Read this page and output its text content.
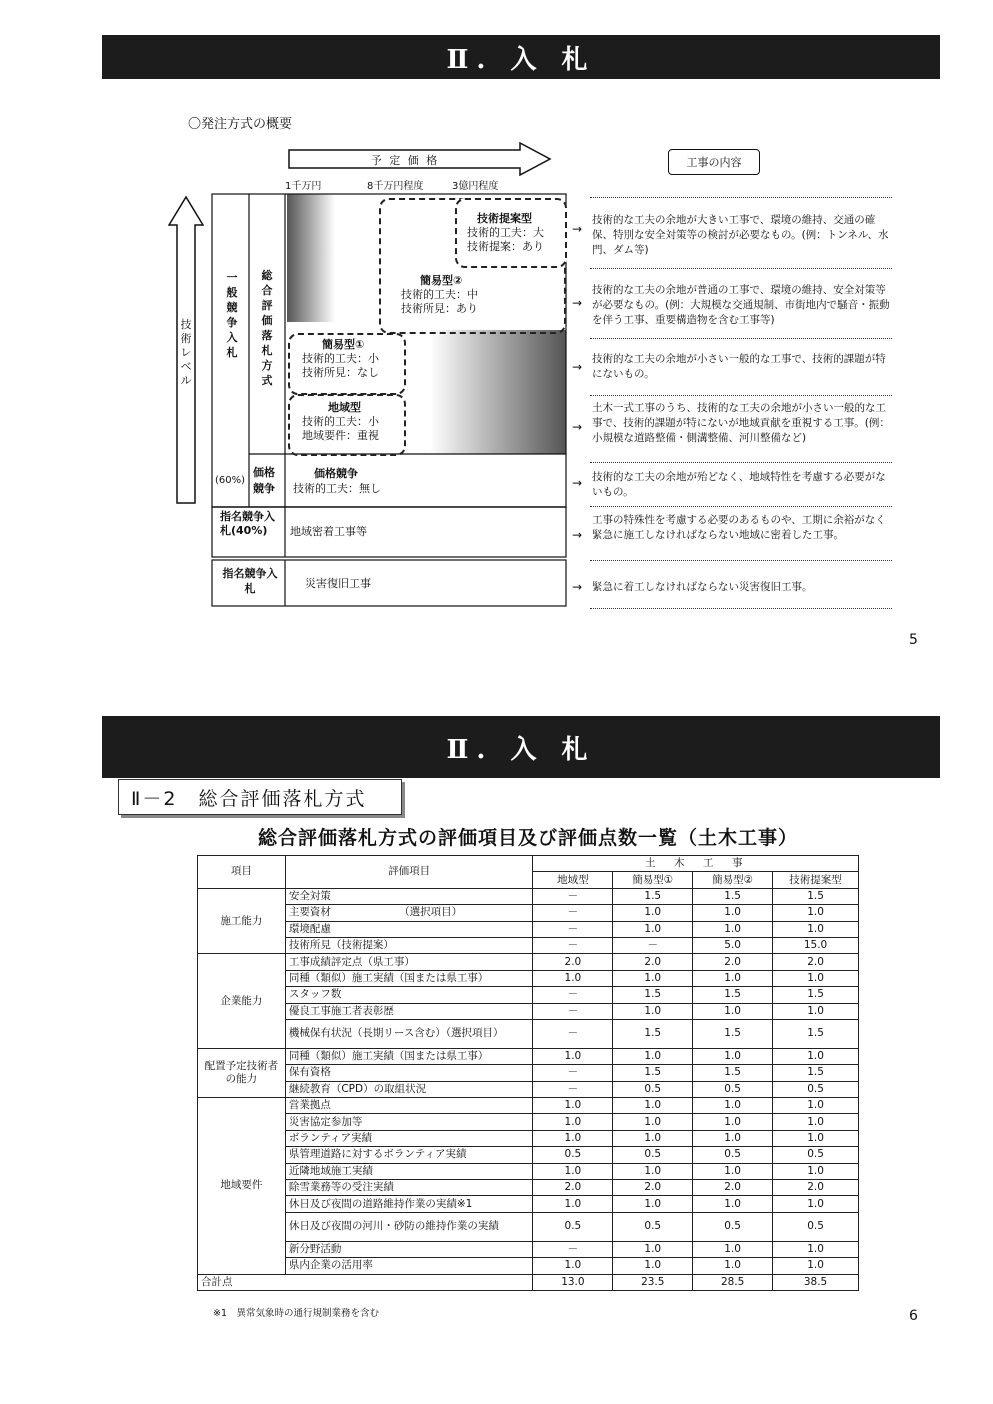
Ⅱ. 入 札
〇発注方式の概要
予 定 価 格	工事の内容
1千万円	8千万円程度	3億円程度
技術レベル
一般競争入札
総合評価落札方式
(60%)
価格競争
指名競争入札(40%)
指名競争入札
技術提案型
技術的工夫：大
技術提案：あり
簡易型②
技術的工夫：中
技術所見：あり
簡易型①
技術的工夫：小
技術所見：なし
地域型
技術的工夫：小
地域要件：重視
価格競争
技術的工夫：無し
地域密着工事等
災害復旧工事
→
→
→
→
→
→
→
技術的な工夫の余地が大きい工事で、環境の維持、交通の確保、特別な安全対策等の検討が必要なもの。(例：トンネル、水門、ダム等)
技術的な工夫の余地が普通の工事で、環境の維持、安全対策等が必要なもの。(例：大規模な交通規制、市街地内で騒音・振動を伴う工事、重要構造物を含む工事等)
技術的な工夫の余地が小さい一般的な工事で、技術的課題が特にないもの。
土木一式工事のうち、技術的な工夫の余地が小さい一般的な工事で、技術的課題が特にないが地域貢献を重視する工事。(例：小規模な道路整備・側溝整備、河川整備など)
技術的な工夫の余地が殆どなく、地域特性を考慮する必要がないもの。
工事の特殊性を考慮する必要のあるものや、工期に余裕がなく緊急に施工しなければならない地域に密着した工事。
緊急に着工しなければならない災害復旧工事。
5
Ⅱ. 入 札
Ⅱ－2　総合評価落札方式
総合評価落札方式の評価項目及び評価点数一覧（土木工事）
項目	評価項目	土　木　工　事			
		地域型	簡易型①	簡易型②	技術提案型
施工能力	安全対策	－	1.5	1.5	1.5
	主要資材　　　　　　　（選択項目）	－	1.0	1.0	1.0
	環境配慮	－	1.0	1.0	1.0
	技術所見（技術提案）	－	－	5.0	15.0
企業能力	工事成績評定点（県工事）	2.0	2.0	2.0	2.0
	同種（類似）施工実績（国または県工事）	1.0	1.0	1.0	1.0
	スタッフ数	－	1.5	1.5	1.5
	優良工事施工者表彰歴	－	1.0	1.0	1.0
	機械保有状況（長期リース含む）（選択項目）	－	1.5	1.5	1.5
配置予定技術者の能力	同種（類似）施工実績（国または県工事）	1.0	1.0	1.0	1.0
	保有資格	－	1.5	1.5	1.5
	継続教育（CPD）の取組状況	－	0.5	0.5	0.5
地域要件	営業拠点	1.0	1.0	1.0	1.0
	災害協定参加等	1.0	1.0	1.0	1.0
	ボランティア実績	1.0	1.0	1.0	1.0
	県管理道路に対するボランティア実績	0.5	0.5	0.5	0.5
	近隣地域施工実績	1.0	1.0	1.0	1.0
	除雪業務等の受注実績	2.0	2.0	2.0	2.0
	休日及び夜間の道路維持作業の実績※1	1.0	1.0	1.0	1.0
	休日及び夜間の河川・砂防の維持作業の実績	0.5	0.5	0.5	0.5
	新分野活動	－	1.0	1.0	1.0
	県内企業の活用率	1.0	1.0	1.0	1.0
合計点		13.0	23.5	28.5	38.5
※1　異常気象時の通行規制業務を含む	6
